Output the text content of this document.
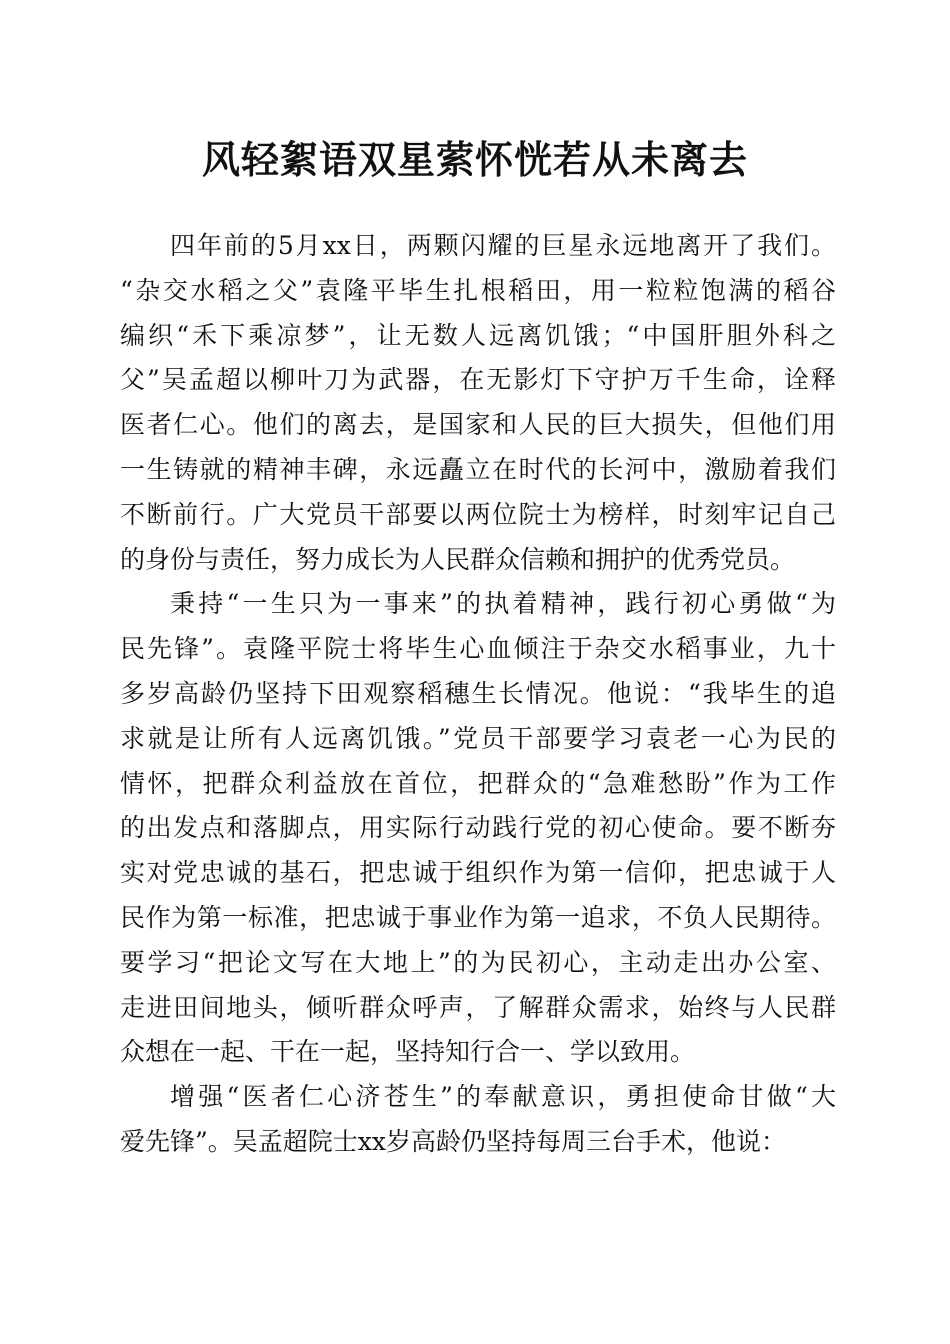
风轻絮语双星萦怀恍若从未离去
四年前的5月xx日，两颗闪耀的巨星永远地离开了我们。
“杂交水稻之父”袁隆平毕生扎根稻田，用一粒粒饱满的稻谷
编织“禾下乘凉梦”，让无数人远离饥饿；“中国肝胆外科之
父”吴孟超以柳叶刀为武器，在无影灯下守护万千生命，诠释
医者仁心。他们的离去，是国家和人民的巨大损失，但他们用
一生铸就的精神丰碑，永远矗立在时代的长河中，激励着我们
不断前行。广大党员干部要以两位院士为榜样，时刻牢记自己
的身份与责任，努力成长为人民群众信赖和拥护的优秀党员。
秉持“一生只为一事来”的执着精神，践行初心勇做“为
民先锋”。袁隆平院士将毕生心血倾注于杂交水稻事业，九十
多岁高龄仍坚持下田观察稻穗生长情况。他说：“我毕生的追
求就是让所有人远离饥饿。”党员干部要学习袁老一心为民的
情怀，把群众利益放在首位，把群众的“急难愁盼”作为工作
的出发点和落脚点，用实际行动践行党的初心使命。要不断夯
实对党忠诚的基石，把忠诚于组织作为第一信仰，把忠诚于人
民作为第一标准，把忠诚于事业作为第一追求，不负人民期待。
要学习“把论文写在大地上”的为民初心，主动走出办公室、
走进田间地头，倾听群众呼声，了解群众需求，始终与人民群
众想在一起、干在一起，坚持知行合一、学以致用。
增强“医者仁心济苍生”的奉献意识，勇担使命甘做“大
爱先锋”。吴孟超院士xx岁高龄仍坚持每周三台手术，他说：
